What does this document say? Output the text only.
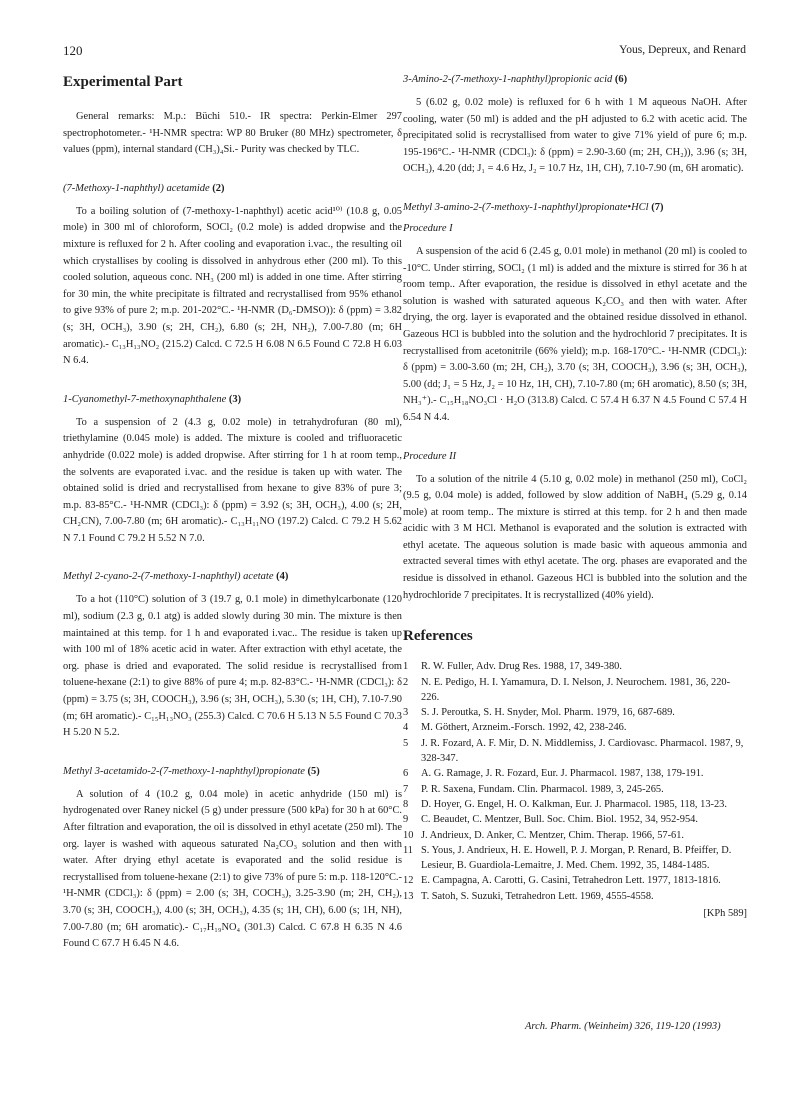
120	Yous, Depreux, and Renard
Experimental Part

General remarks: M.p.: Büchi 510.- IR spectra: Perkin-Elmer 297 spectrophotometer.- ¹H-NMR spectra: WP 80 Bruker (80 MHz) spectrometer, δ values (ppm), internal standard (CH₃)₄Si.- Purity was checked by TLC.

(7-Methoxy-1-naphthyl) acetamide (2)

To a boiling solution of (7-methoxy-1-naphthyl) acetic acid¹⁰⁾ (10.8 g, 0.05 mole) in 300 ml of chloroform, SOCl₂ (0.2 mole) is added dropwise and the mixture is refluxed for 2 h. After cooling and evaporation i.vac., the resulting oil which crystallises by cooling is dissolved in anhydrous ether (200 ml). To this cooled solution, aqueous conc. NH₃ (200 ml) is added in one time. After stirring for 30 min, the white precipitate is filtrated and recrystallised from 95% ethanol to give 93% of pure 2; m.p. 201-202°C.- ¹H-NMR (D₆-DMSO)): δ (ppm) = 3.82 (s; 3H, OCH₃), 3.90 (s; 2H, CH₂), 6.80 (s; 2H, NH₂), 7.00-7.80 (m; 6H aromatic).- C₁₃H₁₃NO₂ (215.2) Calcd. C 72.5 H 6.08 N 6.5 Found C 72.8 H 6.03 N 6.4.

1-Cyanomethyl-7-methoxynaphthalene (3)

To a suspension of 2 (4.3 g, 0.02 mole) in tetrahydrofuran (80 ml), triethylamine (0.045 mole) is added. The mixture is cooled and trifluoracetic anhydride (0.022 mole) is added dropwise. After stirring for 1 h at room temp., the solvents are evaporated i.vac. and the residue is taken up with water. The obtained solid is dried and recrystallised from hexane to give 83% of pure 3; m.p. 83-85°C.- ¹H-NMR (CDCl₃): δ (ppm) = 3.92 (s; 3H, OCH₃), 4.00 (s; 2H, CH₂CN), 7.00-7.80 (m; 6H aromatic).- C₁₃H₁₁NO (197.2) Calcd. C 79.2 H 5.62 N 7.1 Found C 79.2 H 5.52 N 7.0.

Methyl 2-cyano-2-(7-methoxy-1-naphthyl) acetate (4)

To a hot (110°C) solution of 3 (19.7 g, 0.1 mole) in dimethylcarbonate (120 ml), sodium (2.3 g, 0.1 atg) is added slowly during 30 min. The mixture is then maintained at this temp. for 1 h and evaporated i.vac.. The residue is taken up with 100 ml of 18% acetic acid in water. After extraction with ethyl acetate, the org. phase is dried and evaporated. The solid residue is recrystallised from toluene-hexane (2:1) to give 88% of pure 4; m.p. 82-83°C.- ¹H-NMR (CDCl₃): δ (ppm) = 3.75 (s; 3H, COOCH₃), 3.96 (s; 3H, OCH₃), 5.30 (s; 1H, CH), 7.10-7.90 (m; 6H aromatic).- C₁₅H₁₃NO₃ (255.3) Calcd. C 70.6 H 5.13 N 5.5 Found C 70.3 H 5.20 N 5.2.

Methyl 3-acetamido-2-(7-methoxy-1-naphthyl)propionate (5)

A solution of 4 (10.2 g, 0.04 mole) in acetic anhydride (150 ml) is hydrogenated over Raney nickel (5 g) under pressure (500 kPa) for 30 h at 60°C. After filtration and evaporation, the oil is dissolved in ethyl acetate (250 ml). The org. layer is washed with aqueous saturated Na₂CO₃ solution and then with water. After drying ethyl acetate is evaporated and the solid residue is recrystallised from toluene-hexane (2:1) to give 73% of pure 5: m.p. 118-120°C.- ¹H-NMR (CDCl₃): δ (ppm) = 2.00 (s; 3H, COCH₃), 3.25-3.90 (m; 2H, CH₂), 3.70 (s; 3H, COOCH₃), 4.00 (s; 3H, OCH₃), 4.35 (s; 1H, CH), 6.00 (s; 1H, NH), 7.00-7.80 (m; 6H aromatic).- C₁₇H₁₉NO₄ (301.3) Calcd. C 67.8 H 6.35 N 4.6 Found C 67.7 H 6.45 N 4.6.

3-Amino-2-(7-methoxy-1-naphthyl)propionic acid (6)

5 (6.02 g, 0.02 mole) is refluxed for 6 h with 1 M aqueous NaOH. After cooling, water (50 ml) is added and the pH adjusted to 6.2 with acetic acid. The precipitated solid is recrystallised from water to give 71% yield of pure 6; m.p. 195-196°C.- ¹H-NMR (CDCl₃): δ (ppm) = 2.90-3.60 (m; 2H, CH₂)), 3.96 (s; 3H, OCH₃), 4.20 (dd; J₁ = 4.6 Hz, J₂ = 10.7 Hz, 1H, CH), 7.10-7.90 (m, 6H aromatic).

Methyl 3-amino-2-(7-methoxy-1-naphthyl)propionate•HCl (7)
Procedure I

A suspension of the acid 6 (2.45 g, 0.01 mole) in methanol (20 ml) is cooled to -10°C. Under stirring, SOCl₂ (1 ml) is added and the mixture is stirred for 36 h at room temp.. After evaporation, the residue is dissolved in ethyl acetate and the solution is washed with saturated aqueous K₂CO₃ and then with water. After drying, the org. layer is evaporated and the obtained residue dissolved in ethanol. Gazeous HCl is bubbled into the solution and the hydrochlorid 7 precipitates. It is recrystallised from acetonitrile (66% yield); m.p. 168-170°C.- ¹H-NMR (CDCl₃): δ (ppm) = 3.00-3.60 (m; 2H, CH₂), 3.70 (s; 3H, COOCH₃), 3.96 (s; 3H, OCH₃), 5.00 (dd; J₁ = 5 Hz, J₂ = 10 Hz, 1H, CH), 7.10-7.80 (m; 6H aromatic), 8.50 (s; 3H, NH₃⁺).- C₁₅H₁₈NO₃Cl · H₂O (313.8) Calcd. C 57.4 H 6.37 N 4.5 Found C 57.4 H 6.54 N 4.4.

Procedure II

To a solution of the nitrile 4 (5.10 g, 0.02 mole) in methanol (250 ml), CoCl₂ (9.5 g, 0.04 mole) is added, followed by slow addition of NaBH₄ (5.29 g, 0.14 mole) at room temp.. The mixture is stirred at this temp. for 2 h and then made acidic with 3 M HCl. Methanol is evaporated and the solution is extracted with ethyl acetate. The aqueous solution is made basic with aqueous ammonia and extracted several times with ethyl acetate. The org. phases are evaporated and the residue is dissolved in ethanol. Gazeous HCl is bubbled into the solution and the hydrochloride 7 precipitates. It is recrystallized (40% yield).

References
1	R. W. Fuller, Adv. Drug Res. 1988, 17, 349-380.
2	N. E. Pedigo, H. I. Yamamura, D. I. Nelson, J. Neurochem. 1981, 36, 220-226.
3	S. J. Peroutka, S. H. Snyder, Mol. Pharm. 1979, 16, 687-689.
4	M. Göthert, Arzneim.-Forsch. 1992, 42, 238-246.
5	J. R. Fozard, A. F. Mir, D. N. Middlemiss, J. Cardiovasc. Pharmacol. 1987, 9, 328-347.
6	A. G. Ramage, J. R. Fozard, Eur. J. Pharmacol. 1987, 138, 179-191.
7	P. R. Saxena, Fundam. Clin. Pharmacol. 1989, 3, 245-265.
8	D. Hoyer, G. Engel, H. O. Kalkman, Eur. J. Pharmacol. 1985, 118, 13-23.
9	C. Beaudet, C. Mentzer, Bull. Soc. Chim. Biol. 1952, 34, 952-954.
10 J. Andrieux, D. Anker, C. Mentzer, Chim. Therap. 1966, 57-61.
11 S. Yous, J. Andrieux, H. E. Howell, P. J. Morgan, P. Renard, B. Pfeiffer, D. Lesieur, B. Guardiola-Lemaitre, J. Med. Chem. 1992, 35, 1484-1485.
12 E. Campagna, A. Carotti, G. Casini, Tetrahedron Lett. 1977, 1813-1816.
13 T. Satoh, S. Suzuki, Tetrahedron Lett. 1969, 4555-4558.
[KPh 589]
Arch. Pharm. (Weinheim) 326, 119-120 (1993)
